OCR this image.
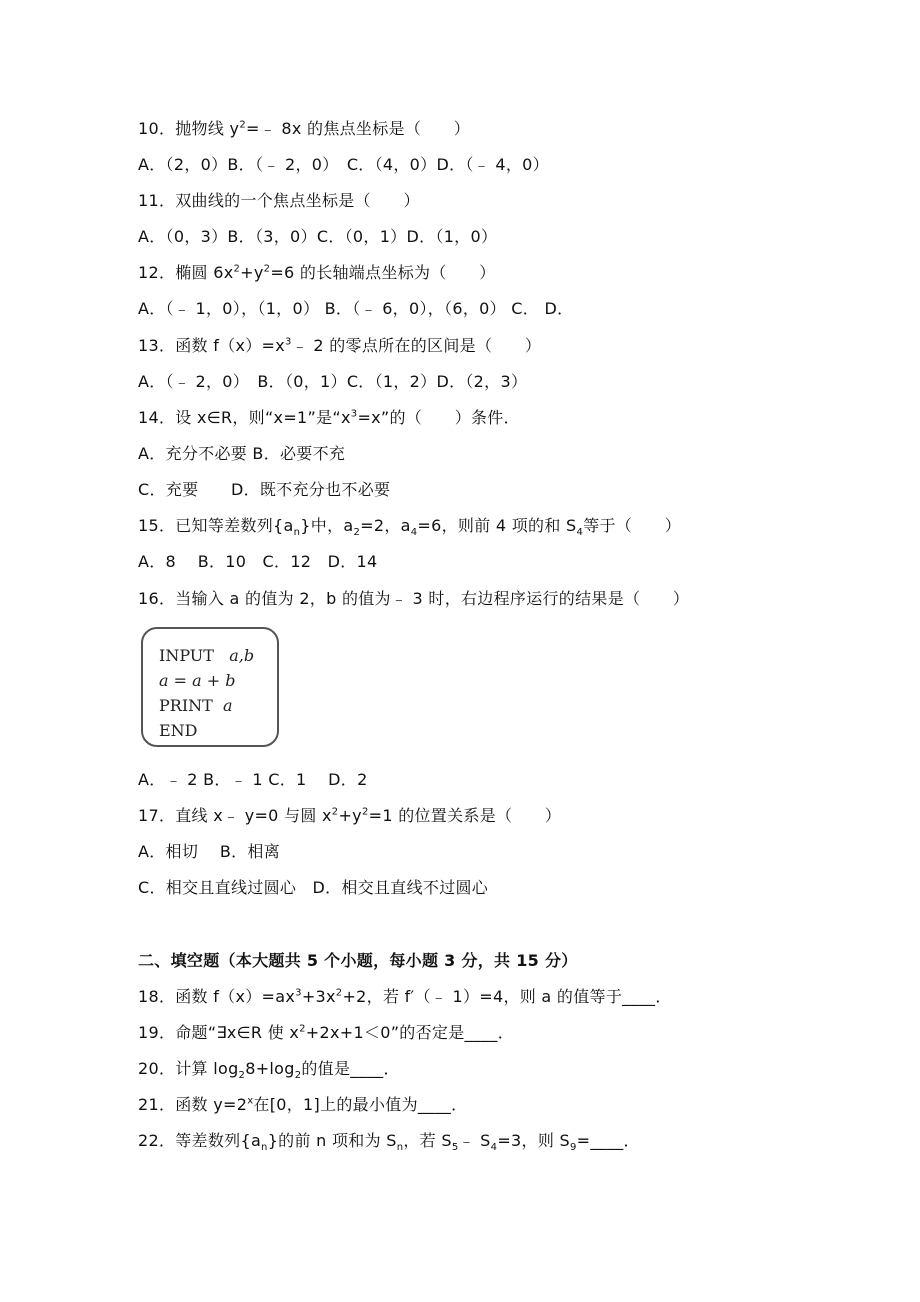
10．抛物线 $y^2=﹣$ 8x 的焦点坐标是（　　）
A．（2，0）B．（﹣ 2，0）　C．（4，0）D．（﹣ 4，0）
11．双曲线的一个焦点坐标是（　　）
A．（0，3）B．（3，0）C．（0，1）D．（1，0）
12．椭圆 $6x^2+y^2=6$ 的长轴端点坐标为（　　）
A．（﹣ 1，0），（1，0） B．（﹣ 6，0），（6，0） C． D．
13．函数 $f(x)=x^3﹣$ 2 的零点所在的区间是（　　）
A．（﹣ 2，0）　B．（0，1）C．（1，2）D．（2，3）
14．设 x∈R，则“x=1”是“$x^3=x$”的（　　）条件．
A．充分不必要 B．必要不充
C．充要　　D．既不充分也不必要
15．已知等差数列$\{a_n\}$中，$a_2=2$，$a_4=6$，则前 4 项的和 $S_4$等于（　　）
A．8　 B．10　C．12　D．14
16．当输入 a 的值为 2，b 的值为﹣ 3 时，右边程序运行的结果是（　　）
INPUT a,b
a = a + b
PRINT a
END
A．﹣ 2 B．﹣ 1 C．1　 D．2
17．直线 x﹣ y=0 与圆 $x^2+y^2=1$ 的位置关系是（　　）
A．相切　 B．相离
C．相交且直线过圆心　D．相交且直线不过圆心
二、填空题（本大题共 5 个小题，每小题 3 分，共 15 分）
18．函数 $f(x)=ax^3+3x^2+2$，若 f′（﹣ 1）=4，则 a 的值等于____．
19．命题“∃x∈R 使 $x^2+2x+1<0$”的否定是____．
20．计算 $\log_28+\log_2$的值是____．
21．函数 $y=2^x$在[0，1]上的最小值为____．
22．等差数列$\{a_n\}$的前 n 项和为 $S_n$，若 $S_5﹣$ $S_4=3$，则 $S_9=\_\_\_\_$．
